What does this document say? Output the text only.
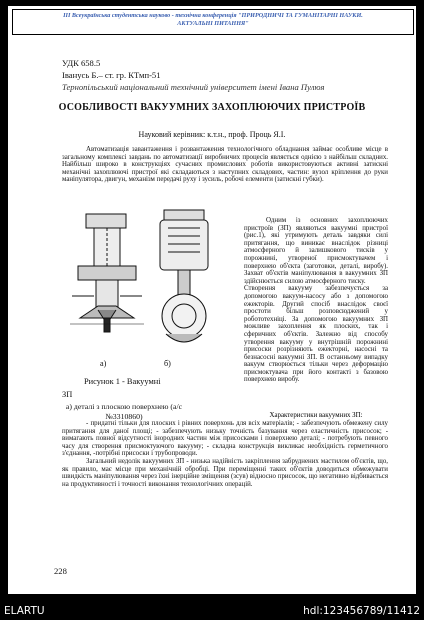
ІІІ Всеукраїнська студентська науково - технічна конференція "ПРИРОДНИЧІ ТА ГУМАНІТАРНІ НАУКИ.
АКТУАЛЬНІ ПИТАННЯ"
УДК 658.5
Іванусь Б.– ст. гр. КТмп-51
Тернопільський національний технічний університет імені Івана Пулюя
ОСОБЛИВОСТІ ВАКУУМНИХ ЗАХОПЛЮЮЧИХ ПРИСТРОЇВ
Науковий керівник: к.т.н., проф. Проць Я.І.
Автоматизація завантаження і розвантаження технологічного обладнання займає особливе місце в загальному комплексі завдань по автоматизації виробничих процесів являється однією з найбільш складних. Найбільш широко в конструкціях сучасних промислових роботів використовуються активні затискні механічні захоплюючі пристрої які складаються з наступних складових, частин: вузол кріплення до руки маніпулятора, двигун, механізм передачі руху і зусиль, робочі елементи (затискні губки).
а)	б)
Рисунок 1 - Вакуумні
ЗП
а) деталі з плоскою поверхнею (а/с №3310860)

Одним із основних захоплюючих пристроїв (ЗП) являються вакуумні пристрої (рис.1), які утримують деталь завдяки силі притягання, що виникає внаслідок різниці атмосферного й залишкового тисків у порожнині, утвореної присмоктувачем і поверхнею об'єкта (заготовки, деталі, виробу). Захват об'єктів маніпулювання в вакуумних ЗП здійснюється силою атмосферного тиску.

Створення вакууму забезпечується за допомогою вакуум-насосу або з допомогою ежекторів. Другий спосіб внаслідок своєї простоти більш розповсюджений у робототехніці. За допомогою вакуумних ЗП можливе захоплення як плоских, так і сферичних об'єктів. Залежно від способу утворення вакууму у внутрішній порожнині присоски розрізняють ежекторні, насосні та безнасосні вакуумні ЗП. В останньому випадку вакуум створюється тільки через деформацію присмоктувача при його контакті з базовою поверхнею виробу.

Характеристики вакуумних ЗП:

- придатні тільки для плоских і рівних поверхонь для всіх матеріалів; - забезпечують обмежену силу притягання для даної площі; - забезпечують низьку точність базування через еластичність присосок; - вимагають повної відсутності інородних частин між присосками і поверхнею деталі; - потребують певного часу для створення присмоктуючого вакууму; - складна конструкція викликає необхідність герметичного з'єднання, -потрібні присоски і трубопроводи.

Загальний недолік вакуумних ЗП - низька надійність закріплення забруднених мастилом об'єктів, що, як правило, має місце при механічній обробці. При переміщенні таких об'єктів доводиться обмежувати швидкість маніпулювання через їхні інерційне зміщення (зсув) відносно присосок, що негативно відбивається на продуктивності і точності виконання технологічних операцій.

228
ELARTU	hdl:123456789/11412
